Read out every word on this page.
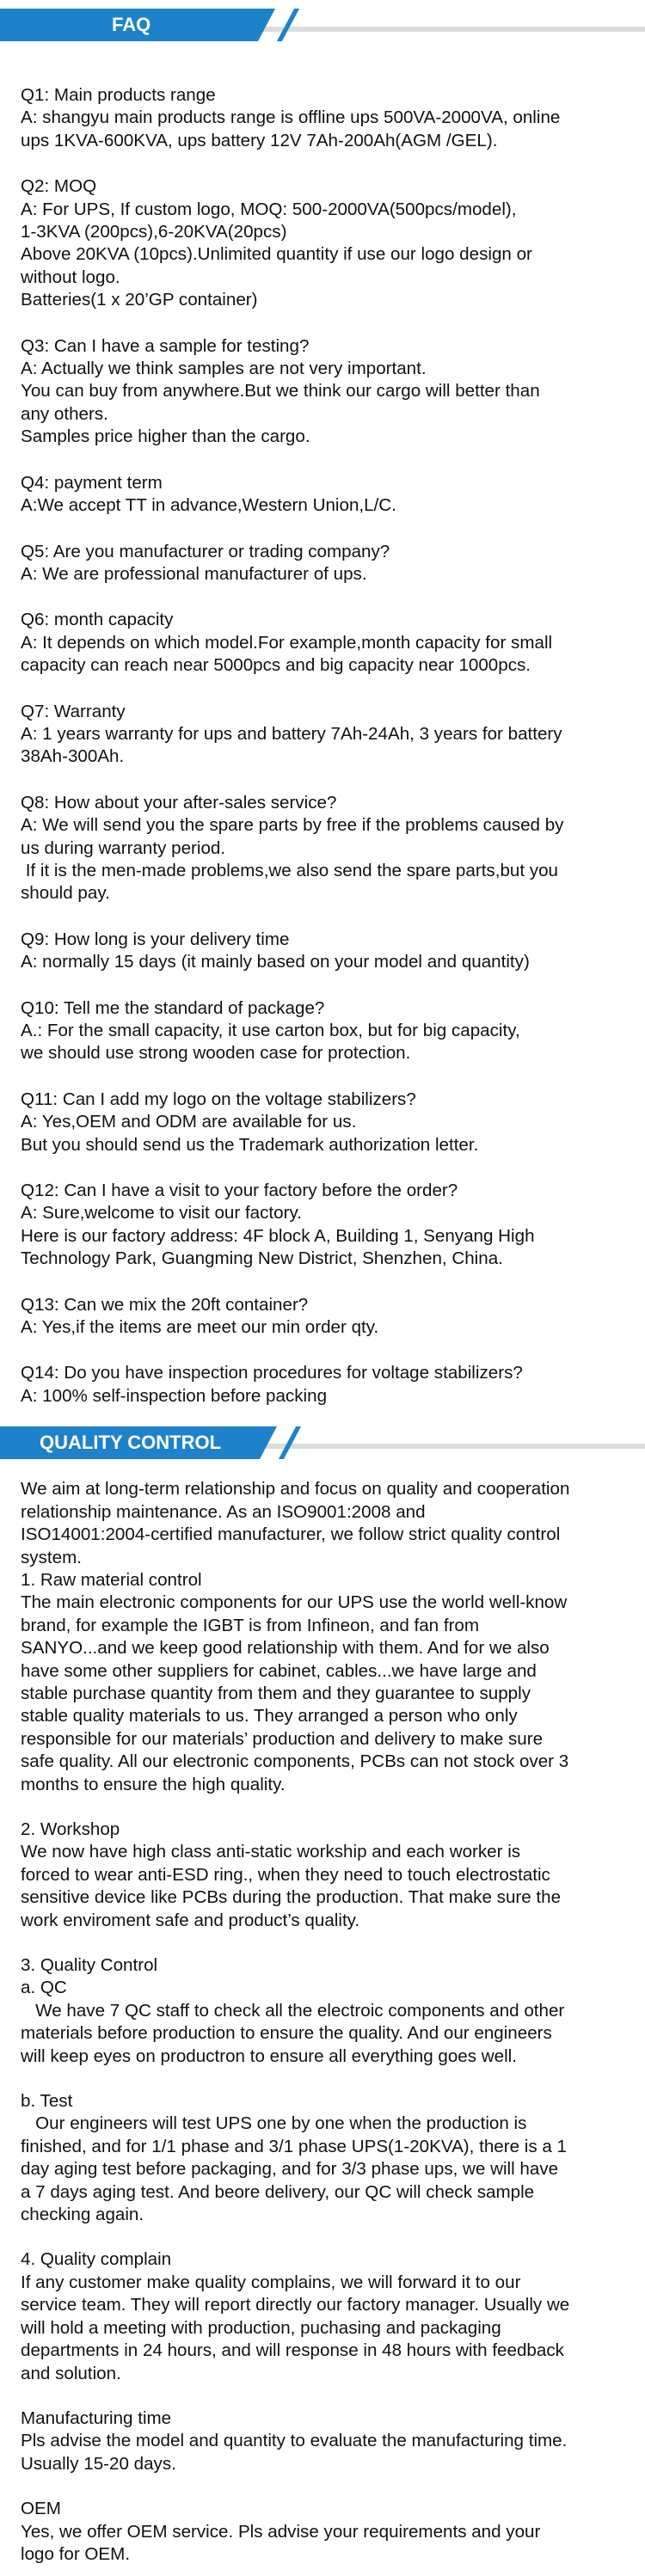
FAQ
Q1: Main products range
A: shangyu main products range is offline ups 500VA-2000VA, online
ups 1KVA-600KVA, ups battery 12V 7Ah-200Ah(AGM /GEL).
Q2: MOQ
A: For UPS, If custom logo, MOQ: 500-2000VA(500pcs/model),
1-3KVA (200pcs),6-20KVA(20pcs)
Above 20KVA (10pcs).Unlimited quantity if use our logo design or
without logo.
Batteries(1 x 20’GP container)
Q3: Can I have a sample for testing?
A: Actually we think samples are not very important.
You can buy from anywhere.But we think our cargo will better than
any others.
Samples price higher than the cargo.
Q4: payment term
A:We accept TT in advance,Western Union,L/C.
Q5: Are you manufacturer or trading company?
A: We are professional manufacturer of ups.
Q6: month capacity
A: It depends on which model.For example,month capacity for small
capacity can reach near 5000pcs and big capacity near 1000pcs.
Q7: Warranty
A: 1 years warranty for ups and battery 7Ah-24Ah, 3 years for battery
38Ah-300Ah.
Q8: How about your after-sales service?
A: We will send you the spare parts by free if the problems caused by
us during warranty period.
If it is the men-made problems,we also send the spare parts,but you
should pay.
Q9: How long is your delivery time
A: normally 15 days (it mainly based on your model and quantity)
Q10: Tell me the standard of package?
A.: For the small capacity, it use carton box, but for big capacity,
we should use strong wooden case for protection.
Q11: Can I add my logo on the voltage stabilizers?
A: Yes,OEM and ODM are available for us.
But you should send us the Trademark authorization letter.
Q12: Can I have a visit to your factory before the order?
A: Sure,welcome to visit our factory.
Here is our factory address: 4F block A, Building 1, Senyang High
Technology Park, Guangming New District, Shenzhen, China.
Q13: Can we mix the 20ft container?
A: Yes,if the items are meet our min order qty.
Q14: Do you have inspection procedures for voltage stabilizers?
A: 100% self-inspection before packing
QUALITY CONTROL
We aim at long-term relationship and focus on quality and cooperation
relationship maintenance. As an ISO9001:2008 and
ISO14001:2004-certified manufacturer, we follow strict quality control
system.
1. Raw material control
The main electronic components for our UPS use the world well-know
brand, for example the IGBT is from Infineon, and fan from
SANYO...and we keep good relationship with them. And for we also
have some other suppliers for cabinet, cables...we have large and
stable purchase quantity from them and they guarantee to supply
stable quality materials to us. They arranged a person who only
responsible for our materials’ production and delivery to make sure
safe quality. All our electronic components, PCBs can not stock over 3
months to ensure the high quality.
2. Workshop
We now have high class anti-static workship and each worker is
forced to wear anti-ESD ring., when they need to touch electrostatic
sensitive device like PCBs during the production. That make sure the
work enviroment safe and product’s quality.
3. Quality Control
a. QC
We have 7 QC staff to check all the electroic components and other
materials before production to ensure the quality. And our engineers
will keep eyes on productron to ensure all everything goes well.
b. Test
Our engineers will test UPS one by one when the production is
finished, and for 1/1 phase and 3/1 phase UPS(1-20KVA), there is a 1
day aging test before packaging, and for 3/3 phase ups, we will have
a 7 days aging test. And beore delivery, our QC will check sample
checking again.
4. Quality complain
If any customer make quality complains, we will forward it to our
service team. They will report directly our factory manager. Usually we
will hold a meeting with production, puchasing and packaging
departments in 24 hours, and will response in 48 hours with feedback
and solution.
Manufacturing time
Pls advise the model and quantity to evaluate the manufacturing time.
Usually 15-20 days.
OEM
Yes, we offer OEM service. Pls advise your requirements and your
logo for OEM.
